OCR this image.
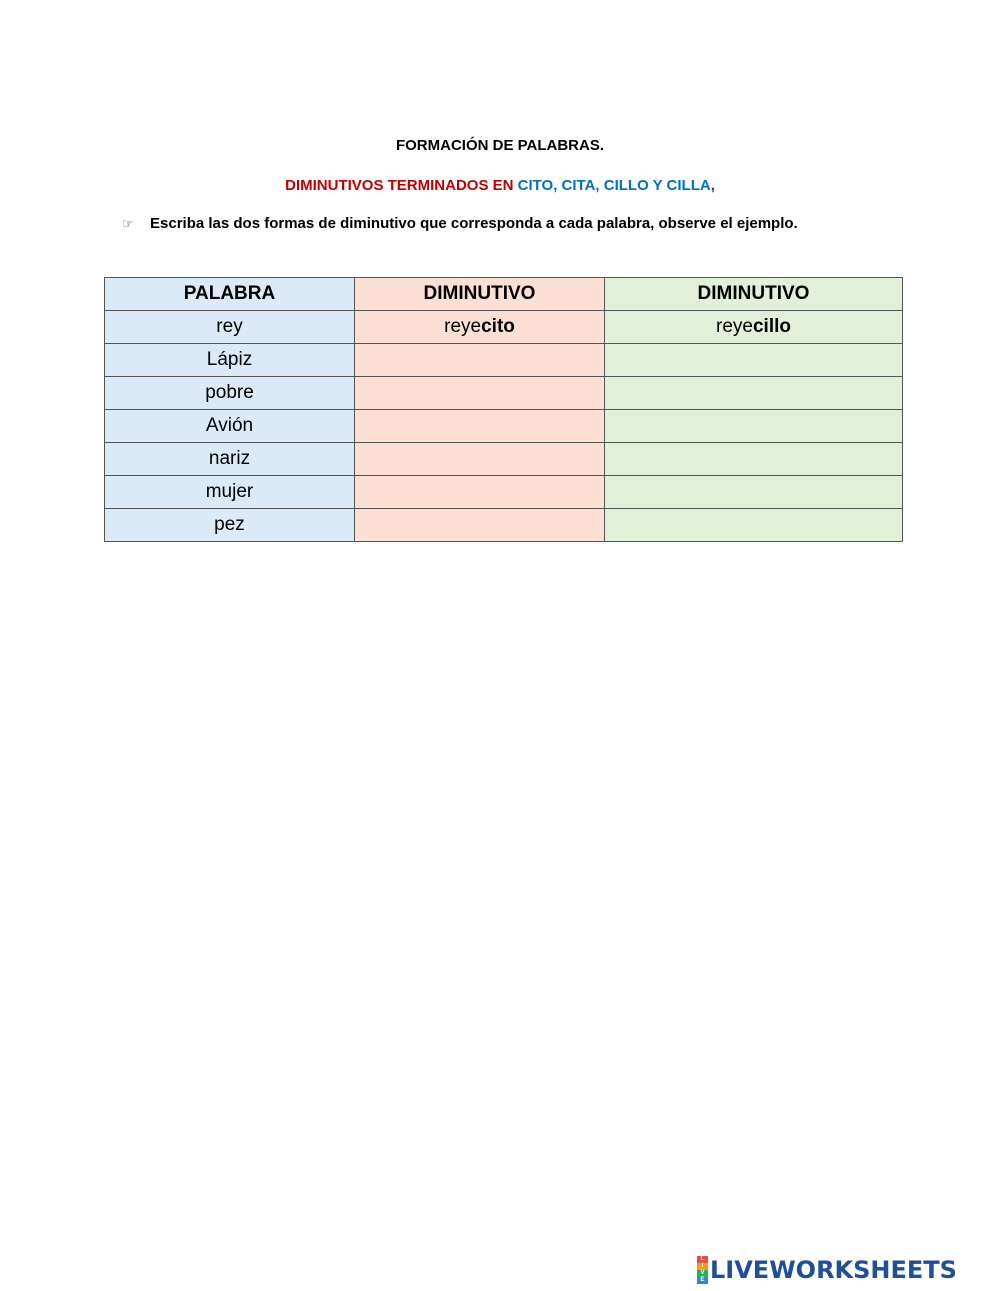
FORMACIÓN DE PALABRAS.
DIMINUTIVOS TERMINADOS EN CITO, CITA, CILLO Y CILLA,
☞ Escriba las dos formas de diminutivo que corresponda a cada palabra, observe el ejemplo.
PALABRA	DIMINUTIVO	DIMINUTIVO
rey	reyecito	reyecillo
Lápiz		
pobre		
Avión		
nariz		
mujer		
pez		
L
I
V
E LIVEWORKSHEETS
